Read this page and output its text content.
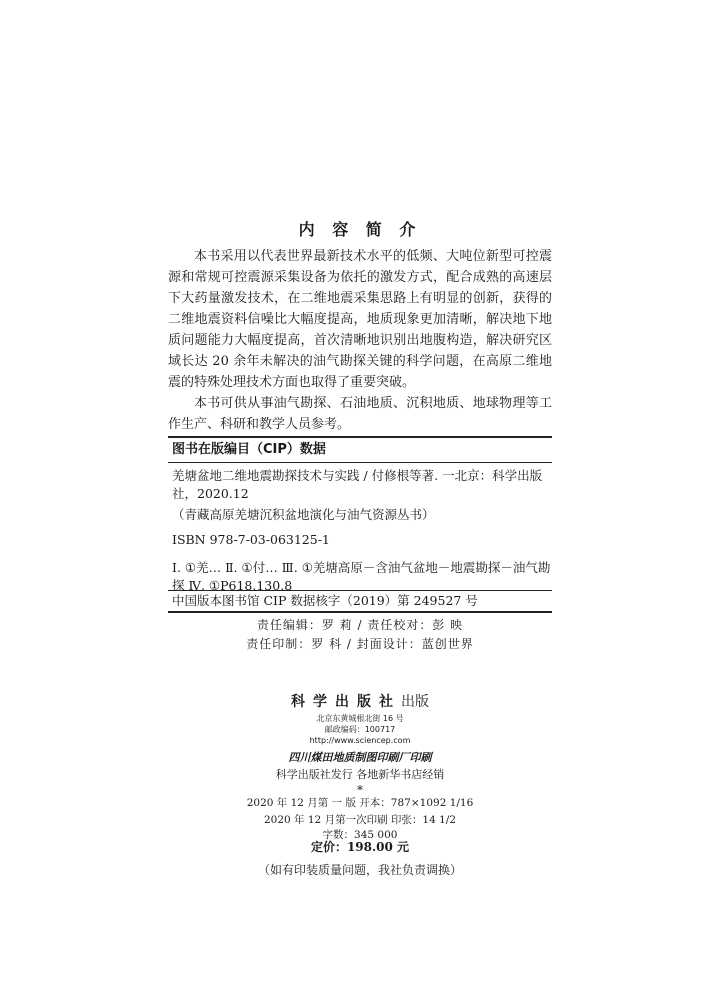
内 容 简 介

本书采用以代表世界最新技术水平的低频、大吨位新型可控震源和常规可控震源采集设备为依托的激发方式，配合成熟的高速层下大药量激发技术，在二维地震采集思路上有明显的创新，获得的二维地震资料信噪比大幅度提高，地质现象更加清晰，解决地下地质问题能力大幅度提高，首次清晰地识别出地腹构造，解决研究区域长达 20 余年未解决的油气勘探关键的科学问题，在高原二维地震的特殊处理技术方面也取得了重要突破。

本书可供从事油气勘探、石油地质、沉积地质、地球物理等工作生产、科研和教学人员参考。

图书在版编目（CIP）数据
羌塘盆地二维地震勘探技术与实践 / 付修根等著. 一北京：科学出版社，2020.12
（青藏高原羌塘沉积盆地演化与油气资源丛书）
ISBN 978-7-03-063125-1
Ⅰ. ①羌… Ⅱ. ①付… Ⅲ. ①羌塘高原－含油气盆地－地震勘探－油气勘探 Ⅳ. ①P618.130.8
中国版本图书馆 CIP 数据核字（2019）第 249527 号
责任编辑：罗 莉 / 责任校对：彭 映
责任印制：罗 科 / 封面设计：蓝创世界
科学出版社出版
北京东黄城根北街 16 号
邮政编码：100717
http://www.sciencep.com
四川煤田地质制图印刷厂印刷
科学出版社发行 各地新华书店经销
*
2020 年 12 月第 一 版 开本：787×1092 1/16
2020 年 12 月第一次印刷 印张：14 1/2
字数：345 000
定价：198.00 元
（如有印装质量问题，我社负责调换）
